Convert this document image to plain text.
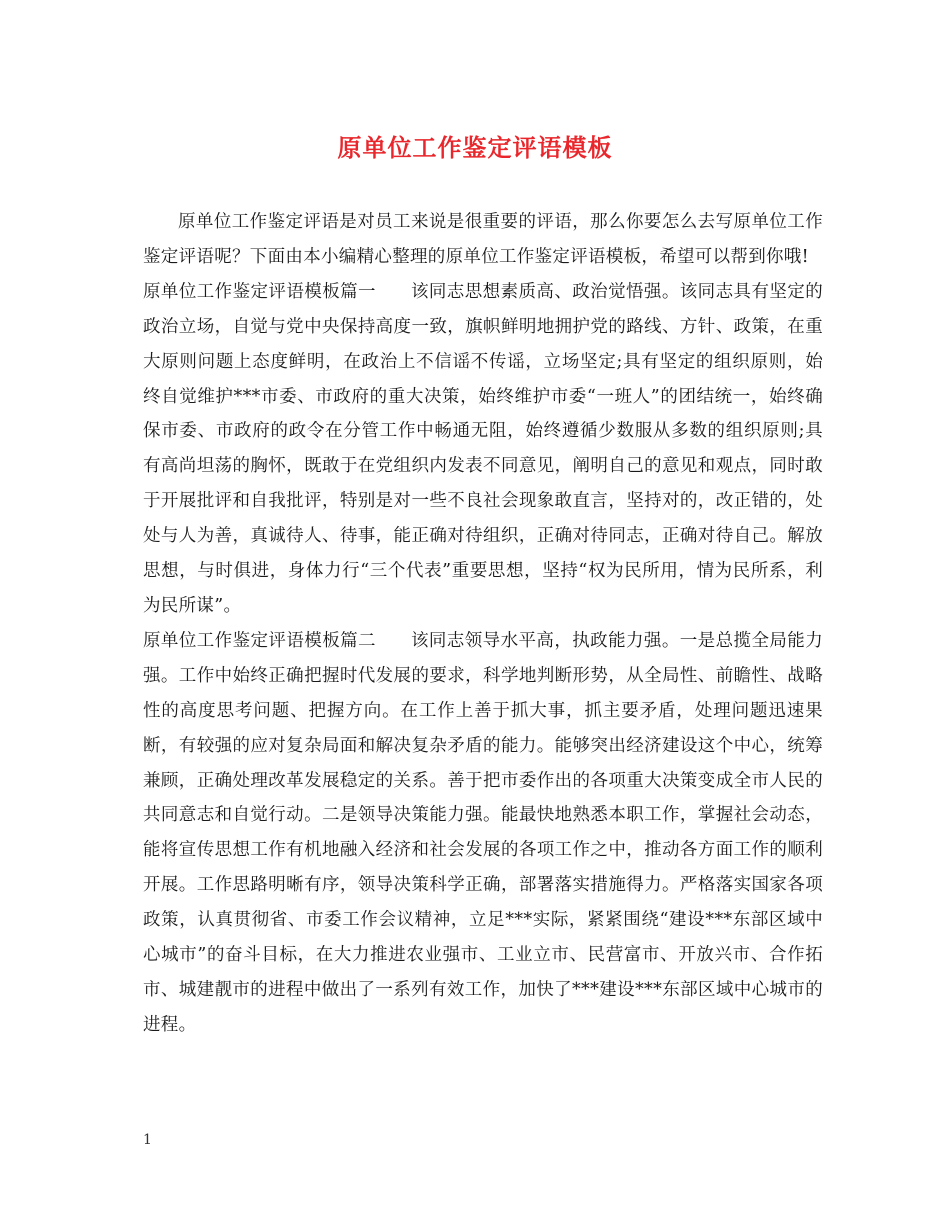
原单位工作鉴定评语模板

原单位工作鉴定评语是对员工来说是很重要的评语，那么你要怎么去写原单位工作鉴定评语呢？下面由本小编精心整理的原单位工作鉴定评语模板，希望可以帮到你哦!

原单位工作鉴定评语模板篇一 该同志思想素质高、政治觉悟强。该同志具有坚定的政治立场，自觉与党中央保持高度一致，旗帜鲜明地拥护党的路线、方针、政策，在重大原则问题上态度鲜明，在政治上不信谣不传谣，立场坚定;具有坚定的组织原则，始终自觉维护***市委、市政府的重大决策，始终维护市委“一班人”的团结统一，始终确保市委、市政府的政令在分管工作中畅通无阻，始终遵循少数服从多数的组织原则;具有高尚坦荡的胸怀，既敢于在党组织内发表不同意见，阐明自己的意见和观点，同时敢于开展批评和自我批评，特别是对一些不良社会现象敢直言，坚持对的，改正错的，处处与人为善，真诚待人、待事，能正确对待组织，正确对待同志，正确对待自己。解放思想，与时俱进，身体力行“三个代表”重要思想，坚持“权为民所用，情为民所系，利为民所谋”。

原单位工作鉴定评语模板篇二 该同志领导水平高，执政能力强。一是总揽全局能力强。工作中始终正确把握时代发展的要求，科学地判断形势，从全局性、前瞻性、战略性的高度思考问题、把握方向。在工作上善于抓大事，抓主要矛盾，处理问题迅速果断，有较强的应对复杂局面和解决复杂矛盾的能力。能够突出经济建设这个中心，统筹兼顾，正确处理改革发展稳定的关系。善于把市委作出的各项重大决策变成全市人民的共同意志和自觉行动。二是领导决策能力强。能最快地熟悉本职工作，掌握社会动态，能将宣传思想工作有机地融入经济和社会发展的各项工作之中，推动各方面工作的顺利开展。工作思路明晰有序，领导决策科学正确，部署落实措施得力。严格落实国家各项政策，认真贯彻省、市委工作会议精神，立足***实际，紧紧围绕“建设***东部区域中心城市”的奋斗目标，在大力推进农业强市、工业立市、民营富市、开放兴市、合作拓市、城建靓市的进程中做出了一系列有效工作，加快了***建设***东部区域中心城市的进程。

1
